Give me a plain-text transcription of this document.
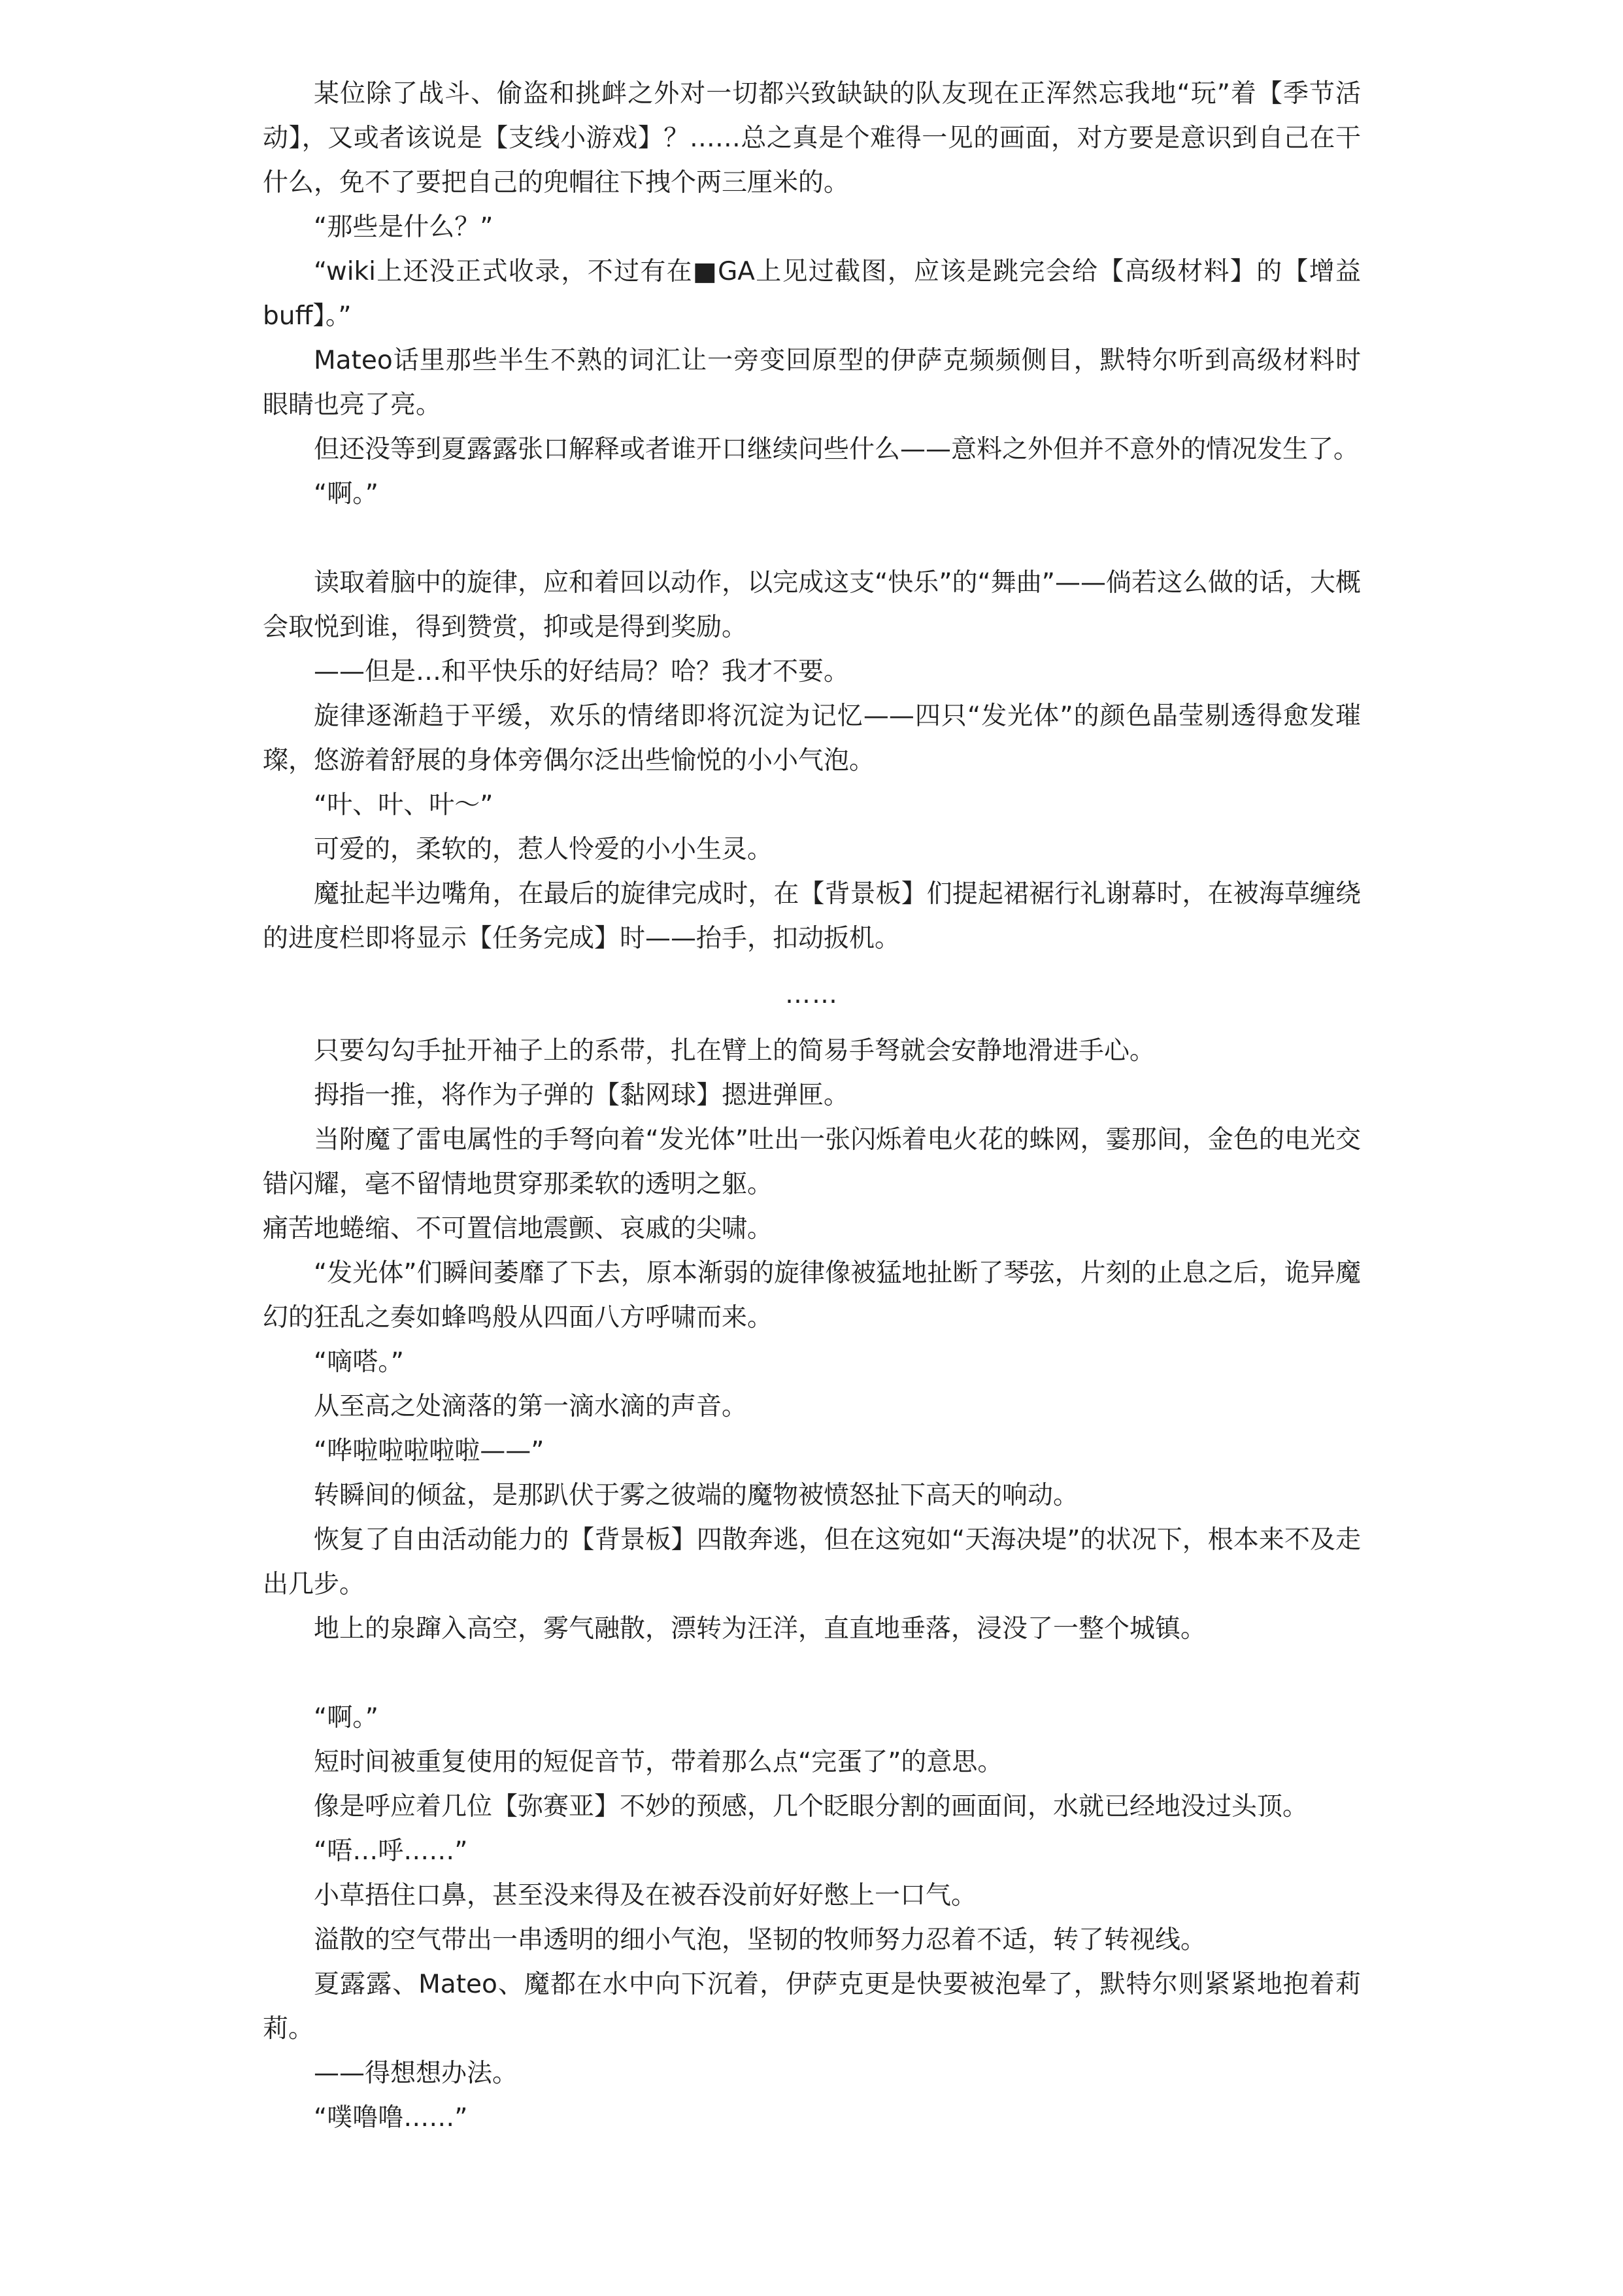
某位除了战斗、偷盗和挑衅之外对一切都兴致缺缺的队友现在正浑然忘我地“玩”着【季节活动】，又或者该说是【支线小游戏】？……总之真是个难得一见的画面，对方要是意识到自己在干什么，免不了要把自己的兜帽往下拽个两三厘米的。

“那些是什么？”

“wiki上还没正式收录，不过有在■GA上见过截图，应该是跳完会给【高级材料】的【增益buff】。”

Mateo话里那些半生不熟的词汇让一旁变回原型的伊萨克频频侧目，默特尔听到高级材料时眼睛也亮了亮。

但还没等到夏露露张口解释或者谁开口继续问些什么——意料之外但并不意外的情况发生了。

“啊。”

读取着脑中的旋律，应和着回以动作，以完成这支“快乐”的“舞曲”——倘若这么做的话，大概会取悦到谁，得到赞赏，抑或是得到奖励。

——但是…和平快乐的好结局？哈？我才不要。

旋律逐渐趋于平缓，欢乐的情绪即将沉淀为记忆——四只“发光体”的颜色晶莹剔透得愈发璀璨，悠游着舒展的身体旁偶尔泛出些愉悦的小小气泡。

“叶、叶、叶～”

可爱的，柔软的，惹人怜爱的小小生灵。

魔扯起半边嘴角，在最后的旋律完成时，在【背景板】们提起裙裾行礼谢幕时，在被海草缠绕的进度栏即将显示【任务完成】时——抬手，扣动扳机。

……

只要勾勾手扯开袖子上的系带，扎在臂上的简易手弩就会安静地滑进手心。

拇指一推，将作为子弹的【黏网球】摁进弹匣。

当附魔了雷电属性的手弩向着“发光体”吐出一张闪烁着电火花的蛛网，霎那间，金色的电光交错闪耀，毫不留情地贯穿那柔软的透明之躯。

痛苦地蜷缩、不可置信地震颤、哀戚的尖啸。

“发光体”们瞬间萎靡了下去，原本渐弱的旋律像被猛地扯断了琴弦，片刻的止息之后，诡异魔幻的狂乱之奏如蜂鸣般从四面八方呼啸而来。

“嘀嗒。”

从至高之处滴落的第一滴水滴的声音。

“哗啦啦啦啦啦——”

转瞬间的倾盆，是那趴伏于雾之彼端的魔物被愤怒扯下高天的响动。

恢复了自由活动能力的【背景板】四散奔逃，但在这宛如“天海决堤”的状况下，根本来不及走出几步。

地上的泉蹿入高空，雾气融散，漂转为汪洋，直直地垂落，浸没了一整个城镇。

“啊。”

短时间被重复使用的短促音节，带着那么点“完蛋了”的意思。

像是呼应着几位【弥赛亚】不妙的预感，几个眨眼分割的画面间，水就已经地没过头顶。

“唔…呼……”

小草捂住口鼻，甚至没来得及在被吞没前好好憋上一口气。

溢散的空气带出一串透明的细小气泡，坚韧的牧师努力忍着不适，转了转视线。

夏露露、Mateo、魔都在水中向下沉着，伊萨克更是快要被泡晕了，默特尔则紧紧地抱着莉莉。

——得想想办法。

“噗噜噜……”
